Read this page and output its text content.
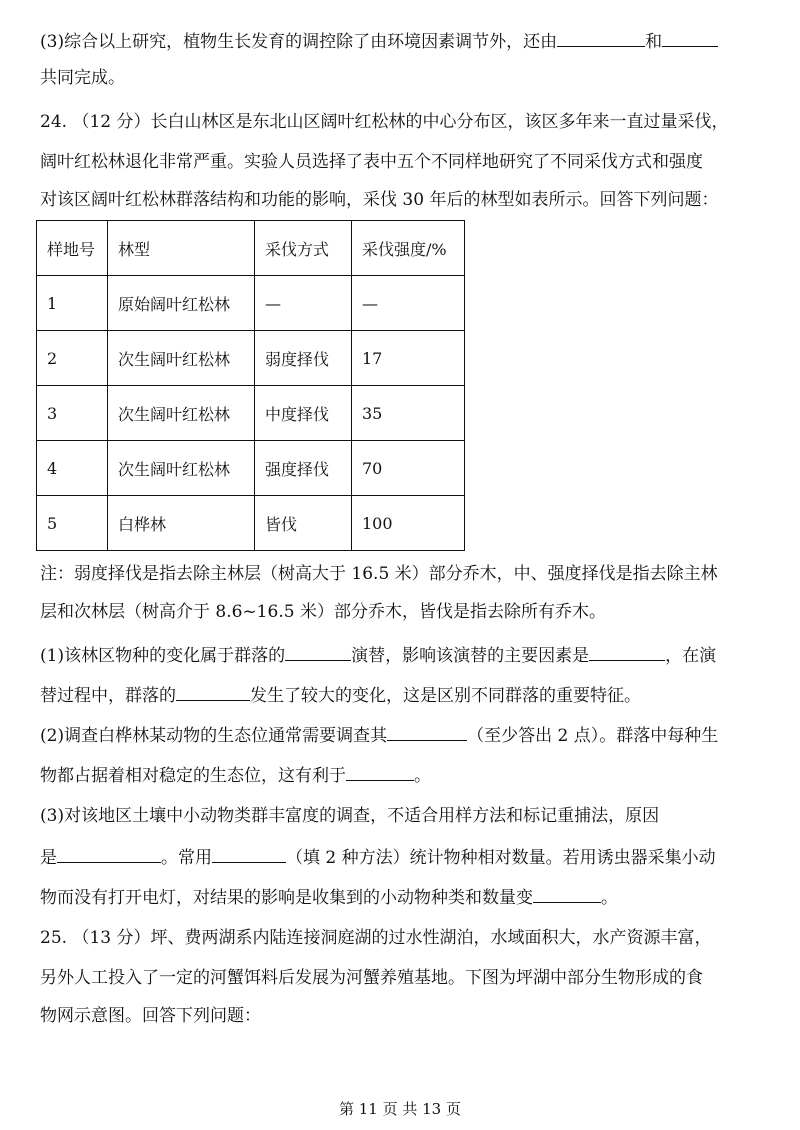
(3)综合以上研究，植物生长发育的调控除了由环境因素调节外，还由	和
共同完成。
24. （12 分）长白山林区是东北山区阔叶红松林的中心分布区，该区多年来一直过量采伐，
阔叶红松林退化非常严重。实验人员选择了表中五个不同样地研究了不同采伐方式和强度
对该区阔叶红松林群落结构和功能的影响，采伐 30 年后的林型如表所示。回答下列问题：
样地号	林型	采伐方式	采伐强度/%
1	原始阔叶红松林	—	—
2	次生阔叶红松林	弱度择伐	17
3	次生阔叶红松林	中度择伐	35
4	次生阔叶红松林	强度择伐	70
5	白桦林	皆伐	100
注：弱度择伐是指去除主林层（树高大于 16.5 米）部分乔木，中、强度择伐是指去除主林
层和次林层（树高介于 8.6~16.5 米）部分乔木，皆伐是指去除所有乔木。
(1)该林区物种的变化属于群落的	演替，影响该演替的主要因素是	，在演
替过程中，群落的	发生了较大的变化，这是区别不同群落的重要特征。
(2)调查白桦林某动物的生态位通常需要调查其	（至少答出 2 点）。群落中每种生
物都占据着相对稳定的生态位，这有利于	。
(3)对该地区土壤中小动物类群丰富度的调查，不适合用样方法和标记重捕法，原因
是	。常用	（填 2 种方法）统计物种相对数量。若用诱虫器采集小动
物而没有打开电灯，对结果的影响是收集到的小动物种类和数量变	。
25. （13 分）坪、费两湖系内陆连接洞庭湖的过水性湖泊，水域面积大，水产资源丰富，
另外人工投入了一定的河蟹饵料后发展为河蟹养殖基地。下图为坪湖中部分生物形成的食
物网示意图。回答下列问题：
第 11 页 共 13 页
